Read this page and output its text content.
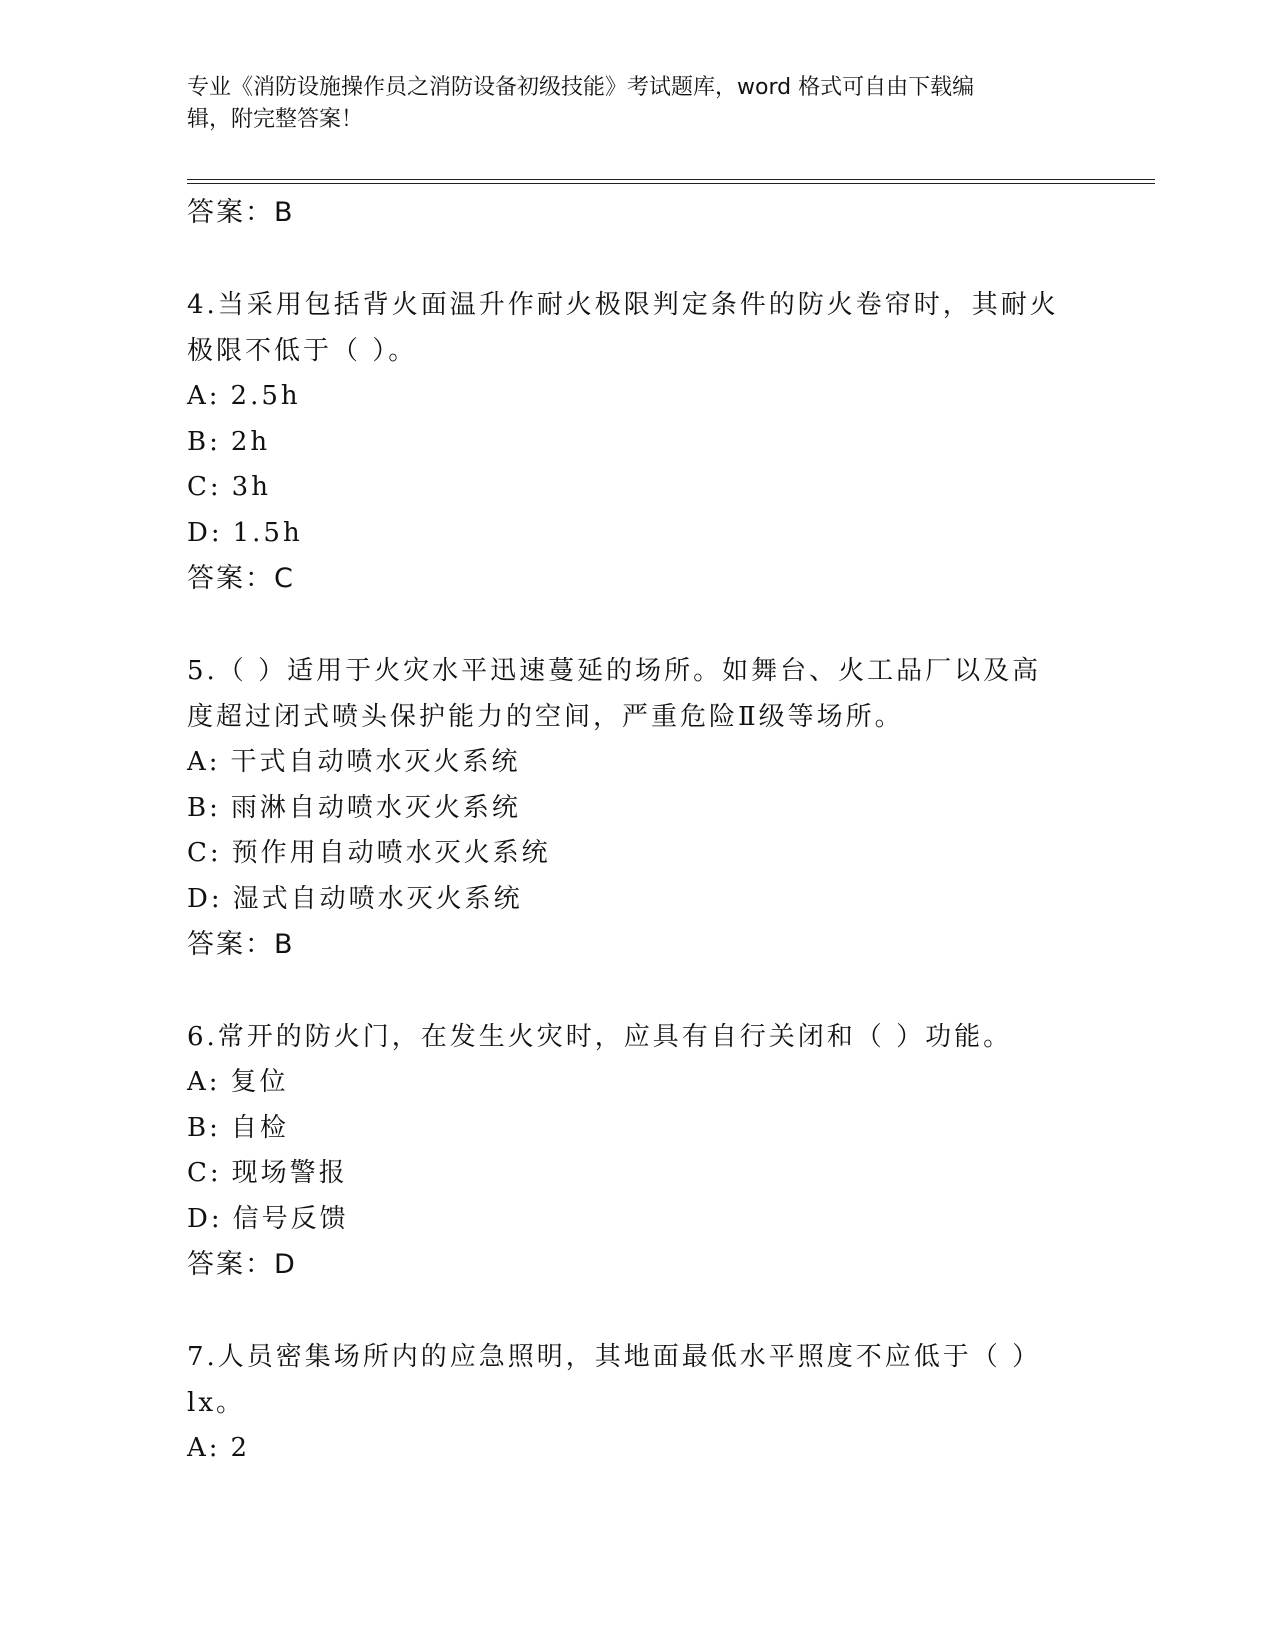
专业《消防设施操作员之消防设备初级技能》考试题库，word 格式可自由下载编
辑，附完整答案！
答案：B
4.当采用包括背火面温升作耐火极限判定条件的防火卷帘时，其耐火
极限不低于（ ）。
A: 2.5h
B: 2h
C: 3h
D: 1.5h
答案：C
5.（ ）适用于火灾水平迅速蔓延的场所。如舞台、火工品厂以及高
度超过闭式喷头保护能力的空间，严重危险Ⅱ级等场所。
A: 干式自动喷水灭火系统
B: 雨淋自动喷水灭火系统
C: 预作用自动喷水灭火系统
D: 湿式自动喷水灭火系统
答案：B
6.常开的防火门，在发生火灾时，应具有自行关闭和（ ）功能。
A: 复位
B: 自检
C: 现场警报
D: 信号反馈
答案：D
7.人员密集场所内的应急照明，其地面最低水平照度不应低于（ ）
lx。
A: 2
